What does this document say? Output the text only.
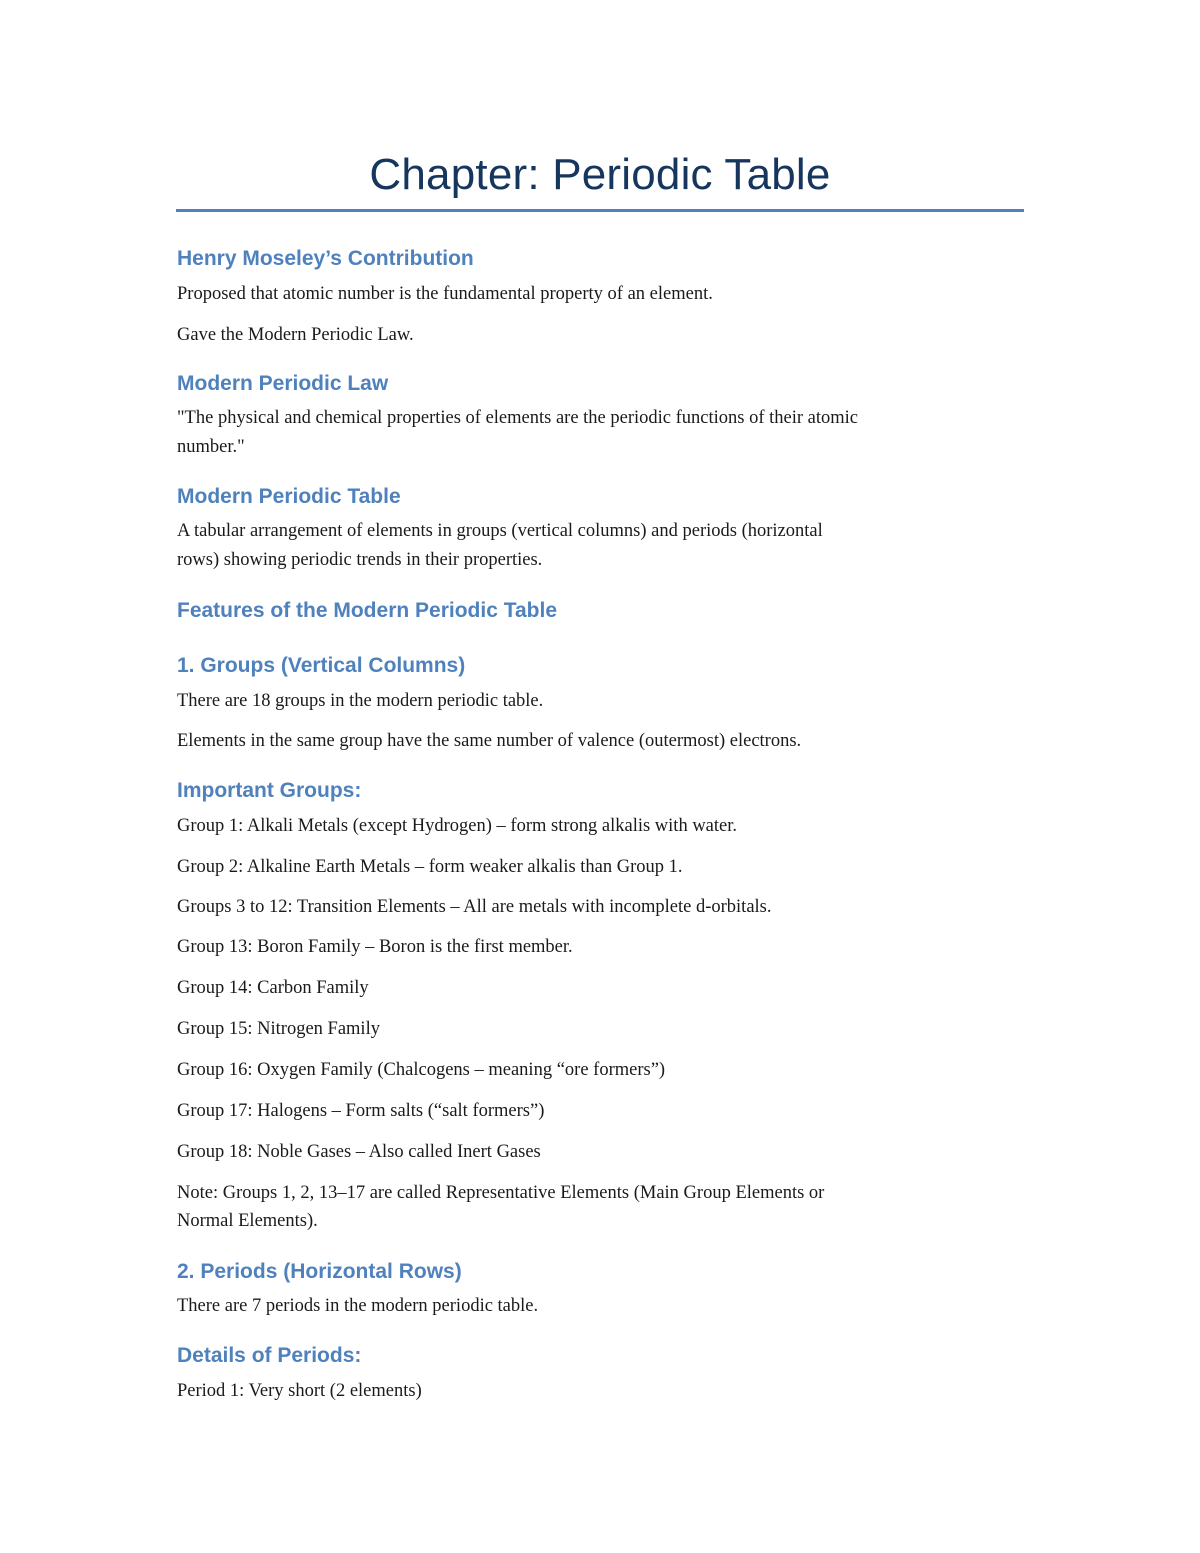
Chapter: Periodic Table
Henry Moseley’s Contribution
Proposed that atomic number is the fundamental property of an element.
Gave the Modern Periodic Law.
Modern Periodic Law
"The physical and chemical properties of elements are the periodic functions of their atomic
number."
Modern Periodic Table
A tabular arrangement of elements in groups (vertical columns) and periods (horizontal
rows) showing periodic trends in their properties.
Features of the Modern Periodic Table
1. Groups (Vertical Columns)
There are 18 groups in the modern periodic table.
Elements in the same group have the same number of valence (outermost) electrons.
Important Groups:
Group 1: Alkali Metals (except Hydrogen) – form strong alkalis with water.
Group 2: Alkaline Earth Metals – form weaker alkalis than Group 1.
Groups 3 to 12: Transition Elements – All are metals with incomplete d-orbitals.
Group 13: Boron Family – Boron is the first member.
Group 14: Carbon Family
Group 15: Nitrogen Family
Group 16: Oxygen Family (Chalcogens – meaning “ore formers”)
Group 17: Halogens – Form salts (“salt formers”)
Group 18: Noble Gases – Also called Inert Gases
Note: Groups 1, 2, 13–17 are called Representative Elements (Main Group Elements or
Normal Elements).
2. Periods (Horizontal Rows)
There are 7 periods in the modern periodic table.
Details of Periods:
Period 1: Very short (2 elements)
